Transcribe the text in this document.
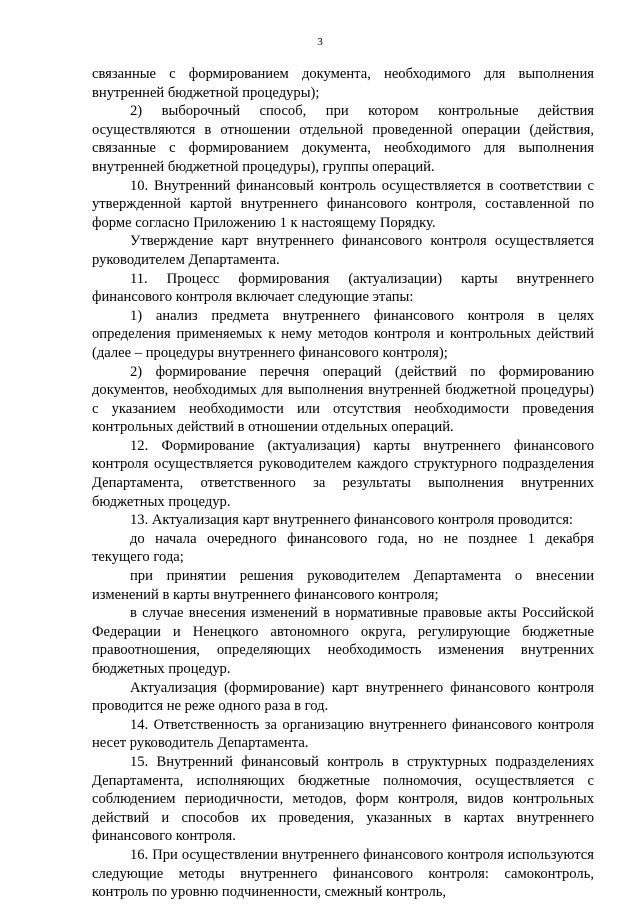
3

связанные с формированием документа, необходимого для выполнения внутренней бюджетной процедуры);

2) выборочный способ, при котором контрольные действия осуществляются в отношении отдельной проведенной операции (действия, связанные с формированием документа, необходимого для выполнения внутренней бюджетной процедуры), группы операций.

10. Внутренний финансовый контроль осуществляется в соответствии с утвержденной картой внутреннего финансового контроля, составленной по форме согласно Приложению 1 к настоящему Порядку.

Утверждение карт внутреннего финансового контроля осуществляется руководителем Департамента.

11. Процесс формирования (актуализации) карты внутреннего финансового контроля включает следующие этапы:

1) анализ предмета внутреннего финансового контроля в целях определения применяемых к нему методов контроля и контрольных действий (далее – процедуры внутреннего финансового контроля);

2) формирование перечня операций (действий по формированию документов, необходимых для выполнения внутренней бюджетной процедуры) с указанием необходимости или отсутствия необходимости проведения контрольных действий в отношении отдельных операций.

12. Формирование (актуализация) карты внутреннего финансового контроля осуществляется руководителем каждого структурного подразделения Департамента, ответственного за результаты выполнения внутренних бюджетных процедур.

13. Актуализация карт внутреннего финансового контроля проводится:

до начала очередного финансового года, но не позднее 1 декабря текущего года;

при принятии решения руководителем Департамента о внесении изменений в карты внутреннего финансового контроля;

в случае внесения изменений в нормативные правовые акты Российской Федерации и Ненецкого автономного округа, регулирующие бюджетные правоотношения, определяющих необходимость изменения внутренних бюджетных процедур.

Актуализация (формирование) карт внутреннего финансового контроля проводится не реже одного раза в год.

14. Ответственность за организацию внутреннего финансового контроля несет руководитель Департамента.

15. Внутренний финансовый контроль в структурных подразделениях Департамента, исполняющих бюджетные полномочия, осуществляется с соблюдением периодичности, методов, форм контроля, видов контрольных действий и способов их проведения, указанных в картах внутреннего финансового контроля.

16. При осуществлении внутреннего финансового контроля используются следующие методы внутреннего финансового контроля: самоконтроль, контроль по уровню подчиненности, смежный контроль,
